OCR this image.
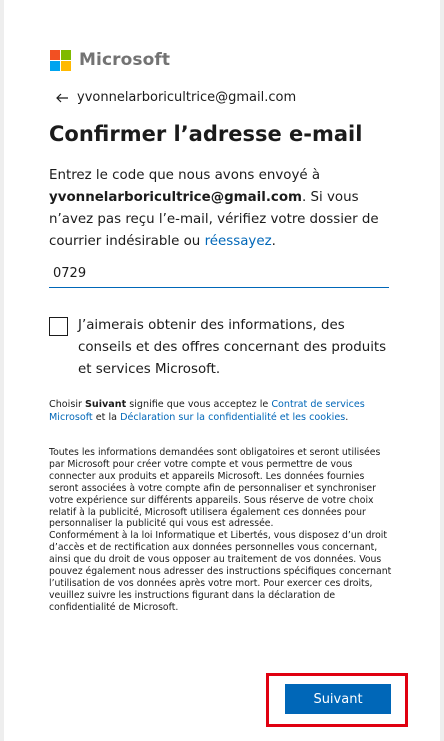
Microsoft
yvonnelarboricultrice@gmail.com
Confirmer l’adresse e-mail
Entrez le code que nous avons envoyé à yvonnelarboricultrice@gmail.com. Si vous n’avez pas reçu l’e-mail, vérifiez votre dossier de courrier indésirable ou réessayez.
0729
J’aimerais obtenir des informations, des conseils et des offres concernant des produits et services Microsoft.
Choisir Suivant signifie que vous acceptez le Contrat de services Microsoft et la Déclaration sur la confidentialité et les cookies.
Toutes les informations demandées sont obligatoires et seront utilisées par Microsoft pour créer votre compte et vous permettre de vous connecter aux produits et appareils Microsoft. Les données fournies seront associées à votre compte afin de personnaliser et synchroniser votre expérience sur différents appareils. Sous réserve de votre choix relatif à la publicité, Microsoft utilisera également ces données pour personnaliser la publicité qui vous est adressée.
Conformément à la loi Informatique et Libertés, vous disposez d’un droit d’accès et de rectification aux données personnelles vous concernant, ainsi que du droit de vous opposer au traitement de vos données. Vous pouvez également nous adresser des instructions spécifiques concernant l’utilisation de vos données après votre mort. Pour exercer ces droits, veuillez suivre les instructions figurant dans la déclaration de confidentialité de Microsoft.
Suivant
